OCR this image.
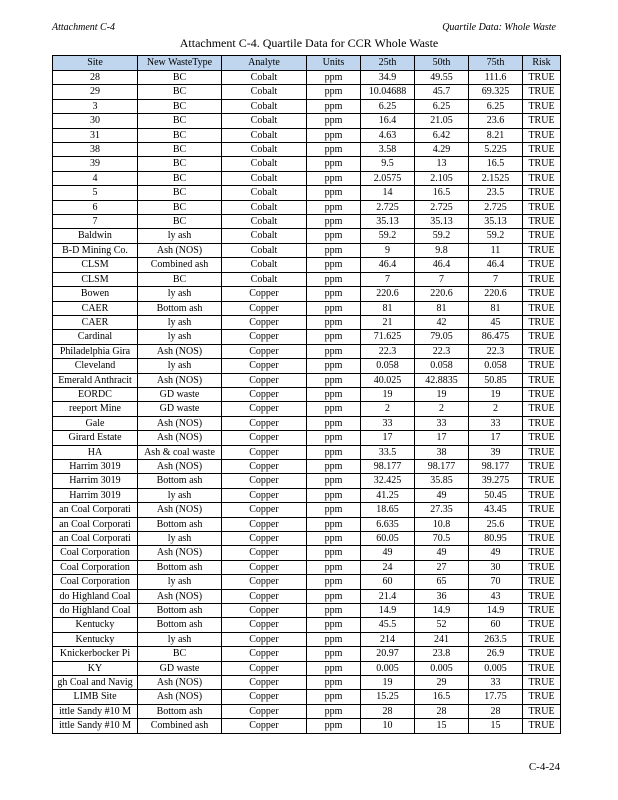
Attachment C-4	Quartile Data: Whole Waste
Attachment C-4. Quartile Data for CCR Whole Waste
Site	New WasteType	Analyte	Units	25th	50th	75th	Risk
28	BC	Cobalt	ppm	34.9	49.55	111.6	TRUE
29	BC	Cobalt	ppm	10.04688	45.7	69.325	TRUE
3	BC	Cobalt	ppm	6.25	6.25	6.25	TRUE
30	BC	Cobalt	ppm	16.4	21.05	23.6	TRUE
31	BC	Cobalt	ppm	4.63	6.42	8.21	TRUE
38	BC	Cobalt	ppm	3.58	4.29	5.225	TRUE
39	BC	Cobalt	ppm	9.5	13	16.5	TRUE
4	BC	Cobalt	ppm	2.0575	2.105	2.1525	TRUE
5	BC	Cobalt	ppm	14	16.5	23.5	TRUE
6	BC	Cobalt	ppm	2.725	2.725	2.725	TRUE
7	BC	Cobalt	ppm	35.13	35.13	35.13	TRUE
Baldwin	ly ash	Cobalt	ppm	59.2	59.2	59.2	TRUE
B-D Mining Co.	Ash (NOS)	Cobalt	ppm	9	9.8	11	TRUE
CLSM	Combined ash	Cobalt	ppm	46.4	46.4	46.4	TRUE
CLSM	BC	Cobalt	ppm	7	7	7	TRUE
Bowen	ly ash	Copper	ppm	220.6	220.6	220.6	TRUE
CAER	Bottom ash	Copper	ppm	81	81	81	TRUE
CAER	ly ash	Copper	ppm	21	42	45	TRUE
Cardinal	ly ash	Copper	ppm	71.625	79.05	86.475	TRUE
Philadelphia Gira	Ash (NOS)	Copper	ppm	22.3	22.3	22.3	TRUE
Cleveland	ly ash	Copper	ppm	0.058	0.058	0.058	TRUE
Emerald Anthracit	Ash (NOS)	Copper	ppm	40.025	42.8835	50.85	TRUE
EORDC	GD waste	Copper	ppm	19	19	19	TRUE
reeport Mine	GD waste	Copper	ppm	2	2	2	TRUE
Gale	Ash (NOS)	Copper	ppm	33	33	33	TRUE
Girard Estate	Ash (NOS)	Copper	ppm	17	17	17	TRUE
HA	Ash & coal waste	Copper	ppm	33.5	38	39	TRUE
Harrim 3019	Ash (NOS)	Copper	ppm	98.177	98.177	98.177	TRUE
Harrim 3019	Bottom ash	Copper	ppm	32.425	35.85	39.275	TRUE
Harrim 3019	ly ash	Copper	ppm	41.25	49	50.45	TRUE
an Coal Corporati	Ash (NOS)	Copper	ppm	18.65	27.35	43.45	TRUE
an Coal Corporati	Bottom ash	Copper	ppm	6.635	10.8	25.6	TRUE
an Coal Corporati	ly ash	Copper	ppm	60.05	70.5	80.95	TRUE
Coal Corporation	Ash (NOS)	Copper	ppm	49	49	49	TRUE
Coal Corporation	Bottom ash	Copper	ppm	24	27	30	TRUE
Coal Corporation	ly ash	Copper	ppm	60	65	70	TRUE
do Highland Coal	Ash (NOS)	Copper	ppm	21.4	36	43	TRUE
do Highland Coal	Bottom ash	Copper	ppm	14.9	14.9	14.9	TRUE
Kentucky	Bottom ash	Copper	ppm	45.5	52	60	TRUE
Kentucky	ly ash	Copper	ppm	214	241	263.5	TRUE
Knickerbocker Pi	BC	Copper	ppm	20.97	23.8	26.9	TRUE
KY	GD waste	Copper	ppm	0.005	0.005	0.005	TRUE
gh Coal and Navig	Ash (NOS)	Copper	ppm	19	29	33	TRUE
LIMB Site	Ash (NOS)	Copper	ppm	15.25	16.5	17.75	TRUE
ittle Sandy #10 M	Bottom ash	Copper	ppm	28	28	28	TRUE
ittle Sandy #10 M	Combined ash	Copper	ppm	10	15	15	TRUE
C-4-24
